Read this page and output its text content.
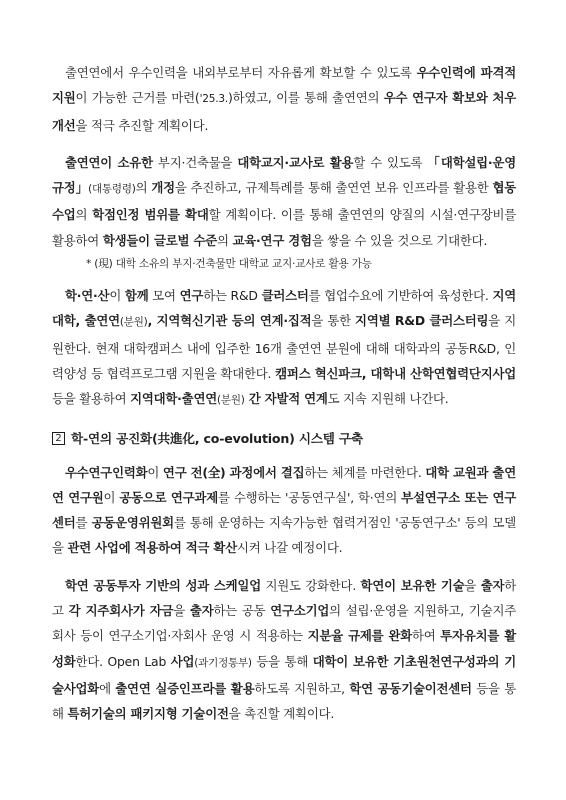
출연연에서 우수인력을 내외부로부터 자유롭게 확보할 수 있도록 우수인력에 파격적 지원이 가능한 근거를 마련('25.3.)하였고, 이를 통해 출연연의 우수 연구자 확보와 처우 개선을 적극 추진할 계획이다.

출연연이 소유한 부지·건축물을 대학교지·교사로 활용할 수 있도록 「대학설립·운영규정」(대통령령)의 개정을 추진하고, 규제특례를 통해 출연연 보유 인프라를 활용한 협동수업의 학점인정 범위를 확대할 계획이다. 이를 통해 출연연의 양질의 시설·연구장비를 활용하여 학생들이 글로벌 수준의 교육·연구 경험을 쌓을 수 있을 것으로 기대한다.

* (現) 대학 소유의 부지·건축물만 대학교 교지·교사로 활용 가능

학·연·산이 함께 모여 연구하는 R&D 클러스터를 협업수요에 기반하여 육성한다. 지역대학, 출연연(분원), 지역혁신기관 등의 연계·집적을 통한 지역별 R&D 클러스터링을 지원한다. 현재 대학캠퍼스 내에 입주한 16개 출연연 분원에 대해 대학과의 공동R&D, 인력양성 등 협력프로그램 지원을 확대한다. 캠퍼스 혁신파크, 대학내 산학연협력단지사업 등을 활용하여 지역대학·출연연(분원) 간 자발적 연계도 지속 지원해 나간다.

2 학-연의 공진화(共進化, co-evolution) 시스템 구축

우수연구인력화이 연구 전(全) 과정에서 결집하는 체계를 마련한다. 대학 교원과 출연연 연구원이 공동으로 연구과제를 수행하는 '공동연구실', 학·연의 부설연구소 또는 연구센터를 공동운영위원회를 통해 운영하는 지속가능한 협력거점인 '공동연구소' 등의 모델을 관련 사업에 적용하여 적극 확산시켜 나갈 예정이다.

학연 공동투자 기반의 성과 스케일업 지원도 강화한다. 학연이 보유한 기술을 출자하고 각 지주회사가 자금을 출자하는 공동 연구소기업의 설립·운영을 지원하고, 기술지주회사 등이 연구소기업·자회사 운영 시 적용하는 지분율 규제를 완화하여 투자유치를 활성화한다. Open Lab 사업(과기정통부) 등을 통해 대학이 보유한 기초원천연구성과의 기술사업화에 출연연 실증인프라를 활용하도록 지원하고, 학연 공동기술이전센터 등을 통해 특허기술의 패키지형 기술이전을 촉진할 계획이다.
